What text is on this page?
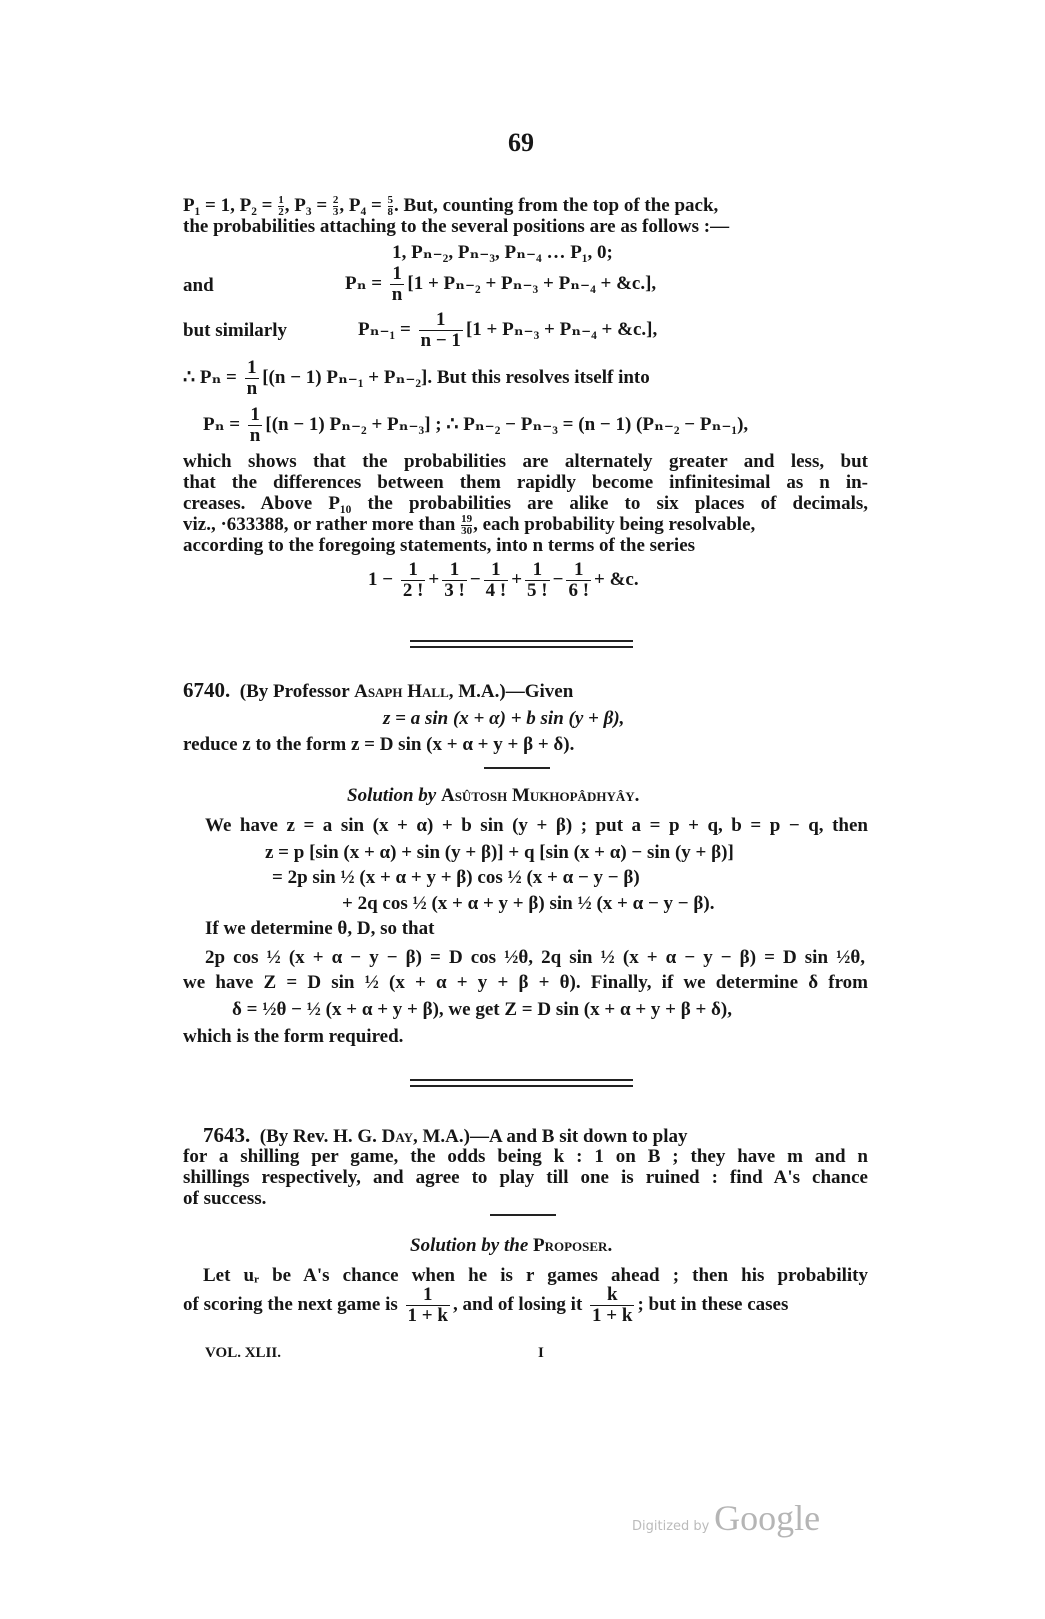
69
P₁ = 1, $P_2 = \frac{1}{2}$ , $P_3 = \frac{2}{3}$ , $P_4 = \frac{5}{8}$ . But, counting from the top of the pack,
the probabilities attaching to the several positions are as follows :—
1, Pₙ₋₂, Pₙ₋₃, Pₙ₋₄ … P₁, 0;
and	$P_n = \frac{1}{n} [1 + P_{n-2} + P_{n-3} + P_{n-4}$ + &c.],
but similarly	$P_{n-1} = \frac{1}{n - 1} [1 + P_{n-3} + P_{n-4}$ + &c.],
∴ $P_n = \frac{1}{n} [(n - 1) P_{n-1} + P_{n-2}]$. But this resolves itself into
$P_n = \frac{1}{n} [(n - 1) P_{n-2} + P_{n-3}]$ ; ∴ Pₙ₋₂ − Pₙ₋₃ = (n − 1) (Pₙ₋₂ − Pₙ₋₁),
which shows that the probabilities are alternately greater and less, but
that the differences between them rapidly become infinitesimal as n in-
creases. Above P₁₀ the probabilities are alike to six places of decimals,
viz., ·633388, or rather more than $\frac{19}{30}$ , each probability being resolvable,
according to the foregoing statements, into n terms of the series
$1 - \frac{1}{2 !} + \frac{1}{3 !} - \frac{1}{4 !} + \frac{1}{5 !} - \frac{1}{6 !}$ + &c.
6740. (By Professor Asaph Hall, M.A.)—Given
z = a sin (x + α) + b sin (y + β),
reduce z to the form z = D sin (x + α + y + β + δ).
Solution by Asûtosh Mukhopâdhyây.
We have z = a sin (x + α) + b sin (y + β) ; put a = p + q, b = p − q, then
z = p [sin (x + α) + sin (y + β)] + q [sin (x + α) − sin (y + β)]
= 2p sin ½ (x + α + y + β) cos ½ (x + α − y − β)
+ 2q cos ½ (x + α + y + β) sin ½ (x + α − y − β).
If we determine θ, D, so that
2p cos ½ (x + α − y − β) = D cos ½θ, 2q sin ½ (x + α − y − β) = D sin ½θ,
we have Z = D sin ½ (x + α + y + β + θ). Finally, if we determine δ from
δ = ½θ − ½ (x + α + y + β), we get Z = D sin (x + α + y + β + δ),
which is the form required.
7643. (By Rev. H. G. Day, M.A.)—A and B sit down to play
for a shilling per game, the odds being k : 1 on B ; they have m and n
shillings respectively, and agree to play till one is ruined : find A's chance
of success.
Solution by the Proposer.
Let uᵣ be A's chance when he is r games ahead ; then his probability
of scoring the next game is $\frac{1}{1 + k}$ , and of losing it $\frac{k}{1 + k}$ ; but in these cases
VOL. XLII.	I
Digitized by Google
